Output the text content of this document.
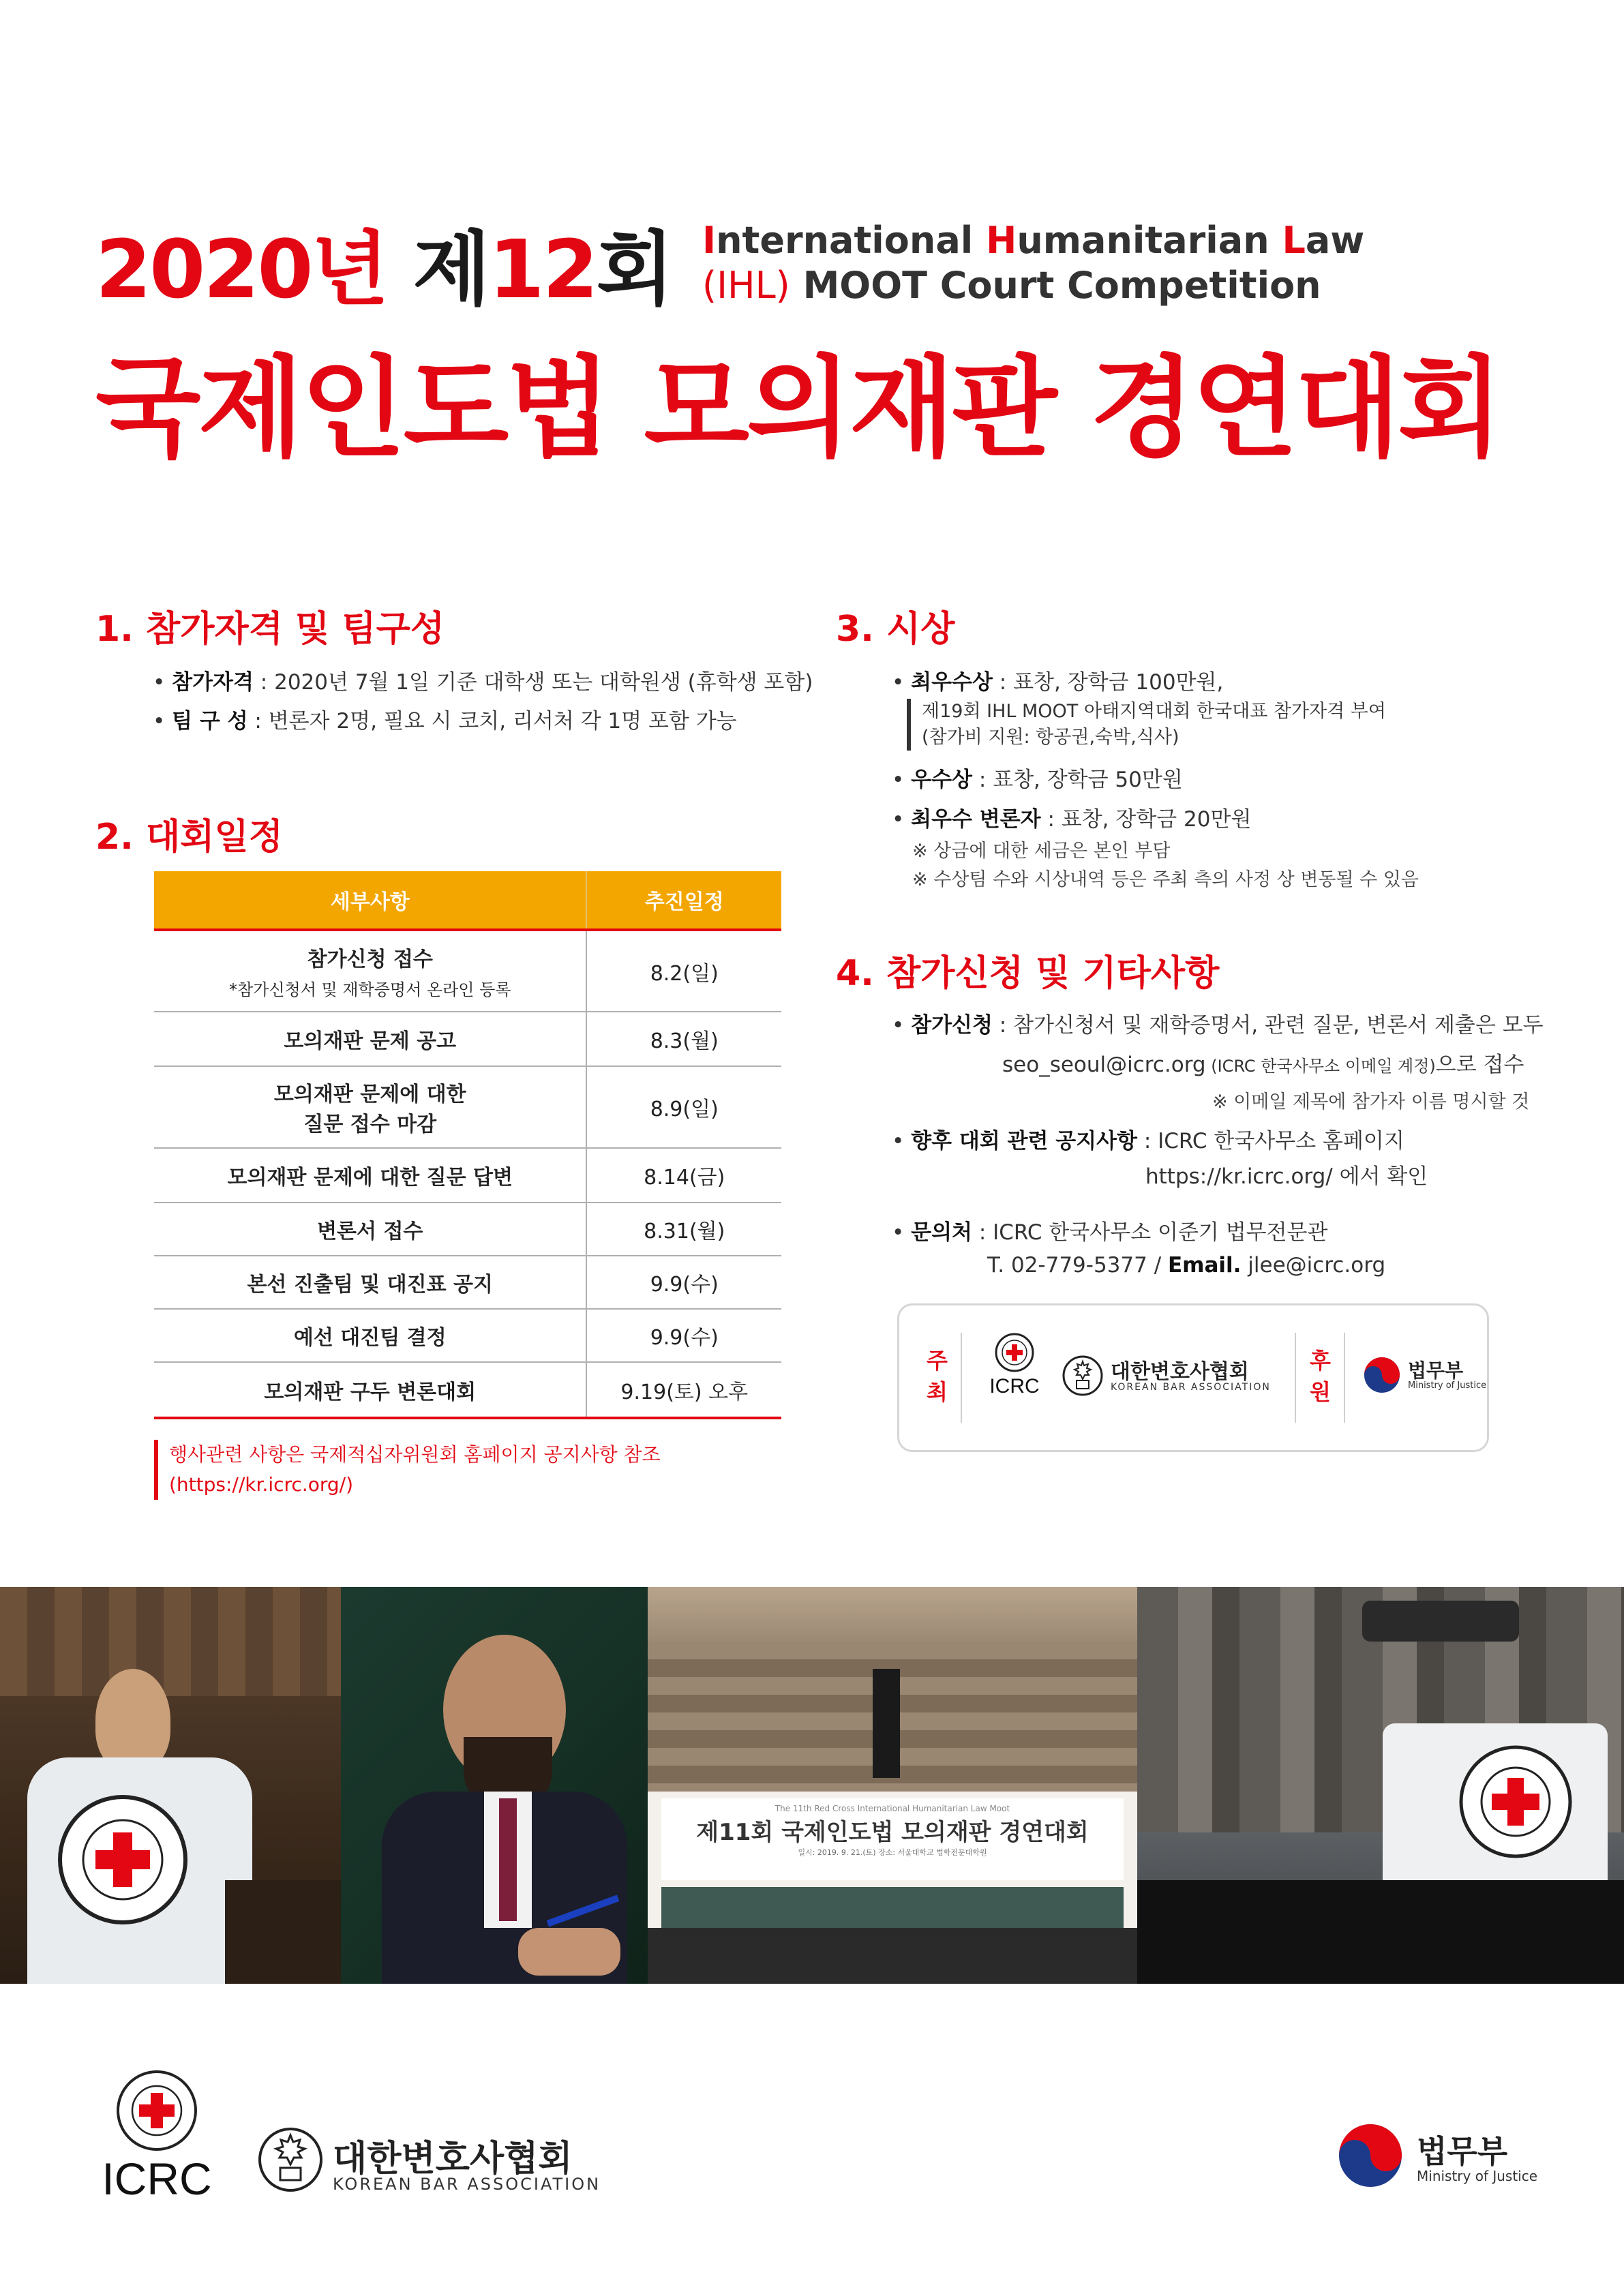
2020년 제12회 International Humanitarian Law
(IHL) MOOT Court Competition
국제인도법 모의재판 경연대회
1. 참가자격 및 팀구성
• 참가자격 : 2020년 7월 1일 기준 대학생 또는 대학원생 (휴학생 포함)
• 팀 구 성 : 변론자 2명, 필요 시 코치, 리서처 각 1명 포함 가능
2. 대회일정
세부사항	추진일정
참가신청 접수
*참가신청서 및 재학증명서 온라인 등록	8.2(일)
모의재판 문제 공고	8.3(월)
모의재판 문제에 대한
질문 접수 마감	8.9(일)
모의재판 문제에 대한 질문 답변	8.14(금)
변론서 접수	8.31(월)
본선 진출팀 및 대진표 공지	9.9(수)
예선 대진팀 결정	9.9(수)
모의재판 구두 변론대회	9.19(토) 오후
행사관련 사항은 국제적십자위원회 홈페이지 공지사항 참조
(https://kr.icrc.org/)
3. 시상
• 최우수상 : 표창, 장학금 100만원,
제19회 IHL MOOT 아태지역대회 한국대표 참가자격 부여
(참가비 지원: 항공권,숙박,식사)
• 우수상 : 표창, 장학금 50만원
• 최우수 변론자 : 표창, 장학금 20만원
※ 상금에 대한 세금은 본인 부담
※ 수상팀 수와 시상내역 등은 주최 측의 사정 상 변동될 수 있음
4. 참가신청 및 기타사항
• 참가신청 : 참가신청서 및 재학증명서, 관련 질문, 변론서 제출은 모두
seo_seoul@icrc.org (ICRC 한국사무소 이메일 계정)으로 접수
※ 이메일 제목에 참가자 이름 명시할 것
• 향후 대회 관련 공지사항 : ICRC 한국사무소 홈페이지
https://kr.icrc.org/ 에서 확인
• 문의처 : ICRC 한국사무소 이준기 법무전문관
T. 02-779-5377 / Email. jlee@icrc.org
주
최 ICRC
대한변호사협회
KOREAN BAR ASSOCIATION
후
원
법무부
Ministry of Justice
The 11th Red Cross International Humanitarian Law Moot
제11회 국제인도법 모의재판 경연대회
일시: 2019. 9. 21.(토) 장소: 서울대학교 법학전문대학원
ICRC	대한변호사협회
KOREAN BAR ASSOCIATION
법무부
Ministry of Justice
